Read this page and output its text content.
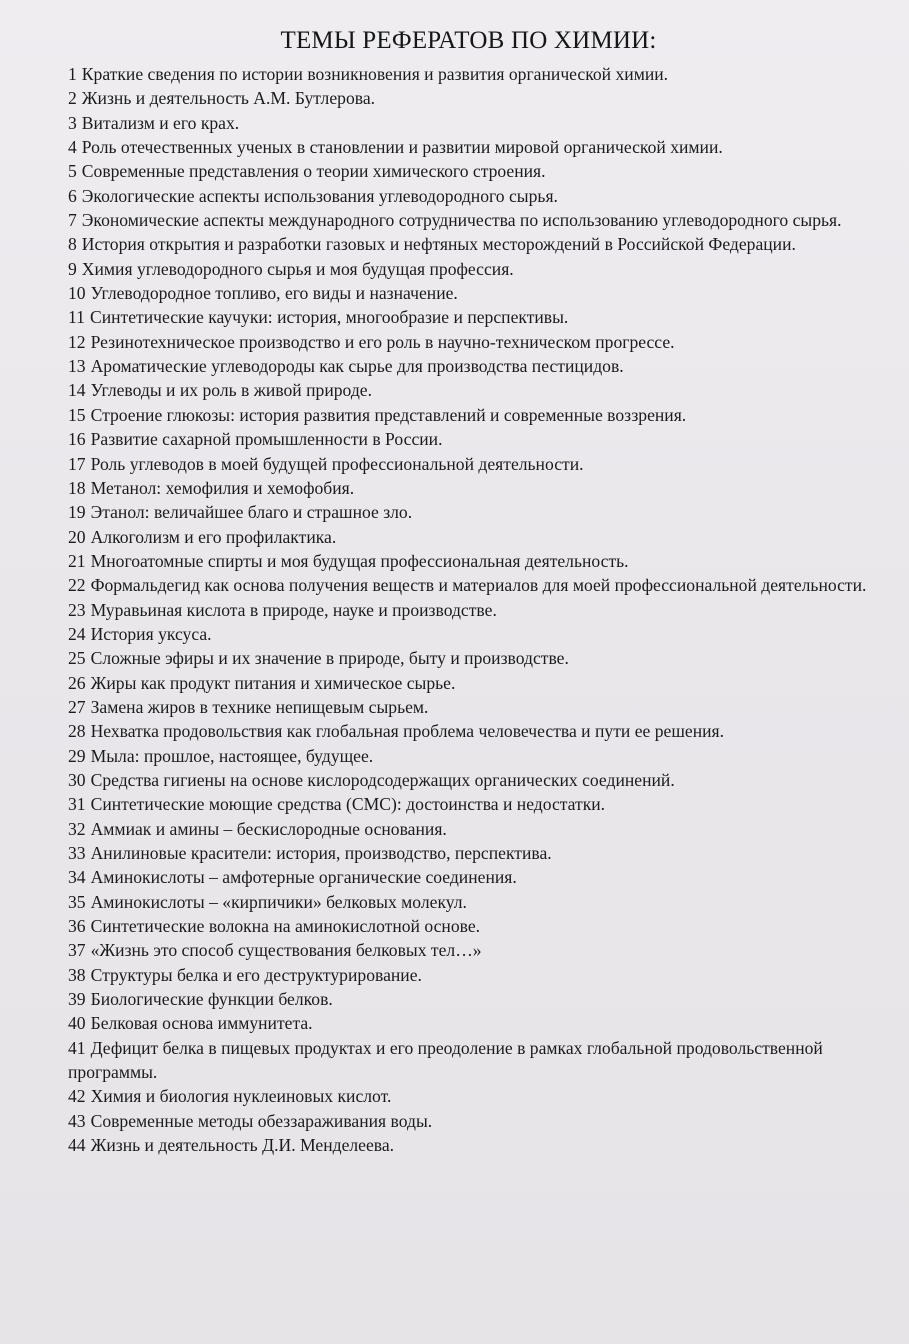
ТЕМЫ РЕФЕРАТОВ ПО ХИМИИ:
1 Краткие сведения по истории возникновения и развития органической химии.
2 Жизнь и деятельность А.М. Бутлерова.
3 Витализм и его крах.
4 Роль отечественных ученых в становлении и развитии мировой органической химии.
5 Современные представления о теории химического строения.
6 Экологические аспекты использования углеводородного сырья.
7 Экономические аспекты международного сотрудничества по использованию углеводородного сырья.
8 История открытия и разработки газовых и нефтяных месторождений в Российской Федерации.
9 Химия углеводородного сырья и моя будущая профессия.
10 Углеводородное топливо, его виды и назначение.
11 Синтетические каучуки: история, многообразие и перспективы.
12 Резинотехническое производство и его роль в научно-техническом прогрессе.
13 Ароматические углеводороды как сырье для производства пестицидов.
14 Углеводы и их роль в живой природе.
15 Строение глюкозы: история развития представлений и современные воззрения.
16 Развитие сахарной промышленности в России.
17 Роль углеводов в моей будущей профессиональной деятельности.
18 Метанол: хемофилия и хемофобия.
19 Этанол: величайшее благо и страшное зло.
20 Алкоголизм и его профилактика.
21 Многоатомные спирты и моя будущая профессиональная деятельность.
22 Формальдегид как основа получения веществ и материалов для моей профессиональной деятельности.
23 Муравьиная кислота в природе, науке и производстве.
24 История уксуса.
25 Сложные эфиры и их значение в природе, быту и производстве.
26 Жиры как продукт питания и химическое сырье.
27 Замена жиров в технике непищевым сырьем.
28 Нехватка продовольствия как глобальная проблема человечества и пути ее решения.
29 Мыла: прошлое, настоящее, будущее.
30 Средства гигиены на основе кислородсодержащих органических соединений.
31 Синтетические моющие средства (СМС): достоинства и недостатки.
32 Аммиак и амины – бескислородные основания.
33 Анилиновые красители: история, производство, перспектива.
34 Аминокислоты – амфотерные органические соединения.
35 Аминокислоты – «кирпичики» белковых молекул.
36 Синтетические волокна на аминокислотной основе.
37 «Жизнь это способ существования белковых тел…»
38 Структуры белка и его деструктурирование.
39 Биологические функции белков.
40 Белковая основа иммунитета.
41 Дефицит белка в пищевых продуктах и его преодоление в рамках глобальной продовольственной программы.
42 Химия и биология нуклеиновых кислот.
43 Современные методы обеззараживания воды.
44 Жизнь и деятельность Д.И. Менделеева.
